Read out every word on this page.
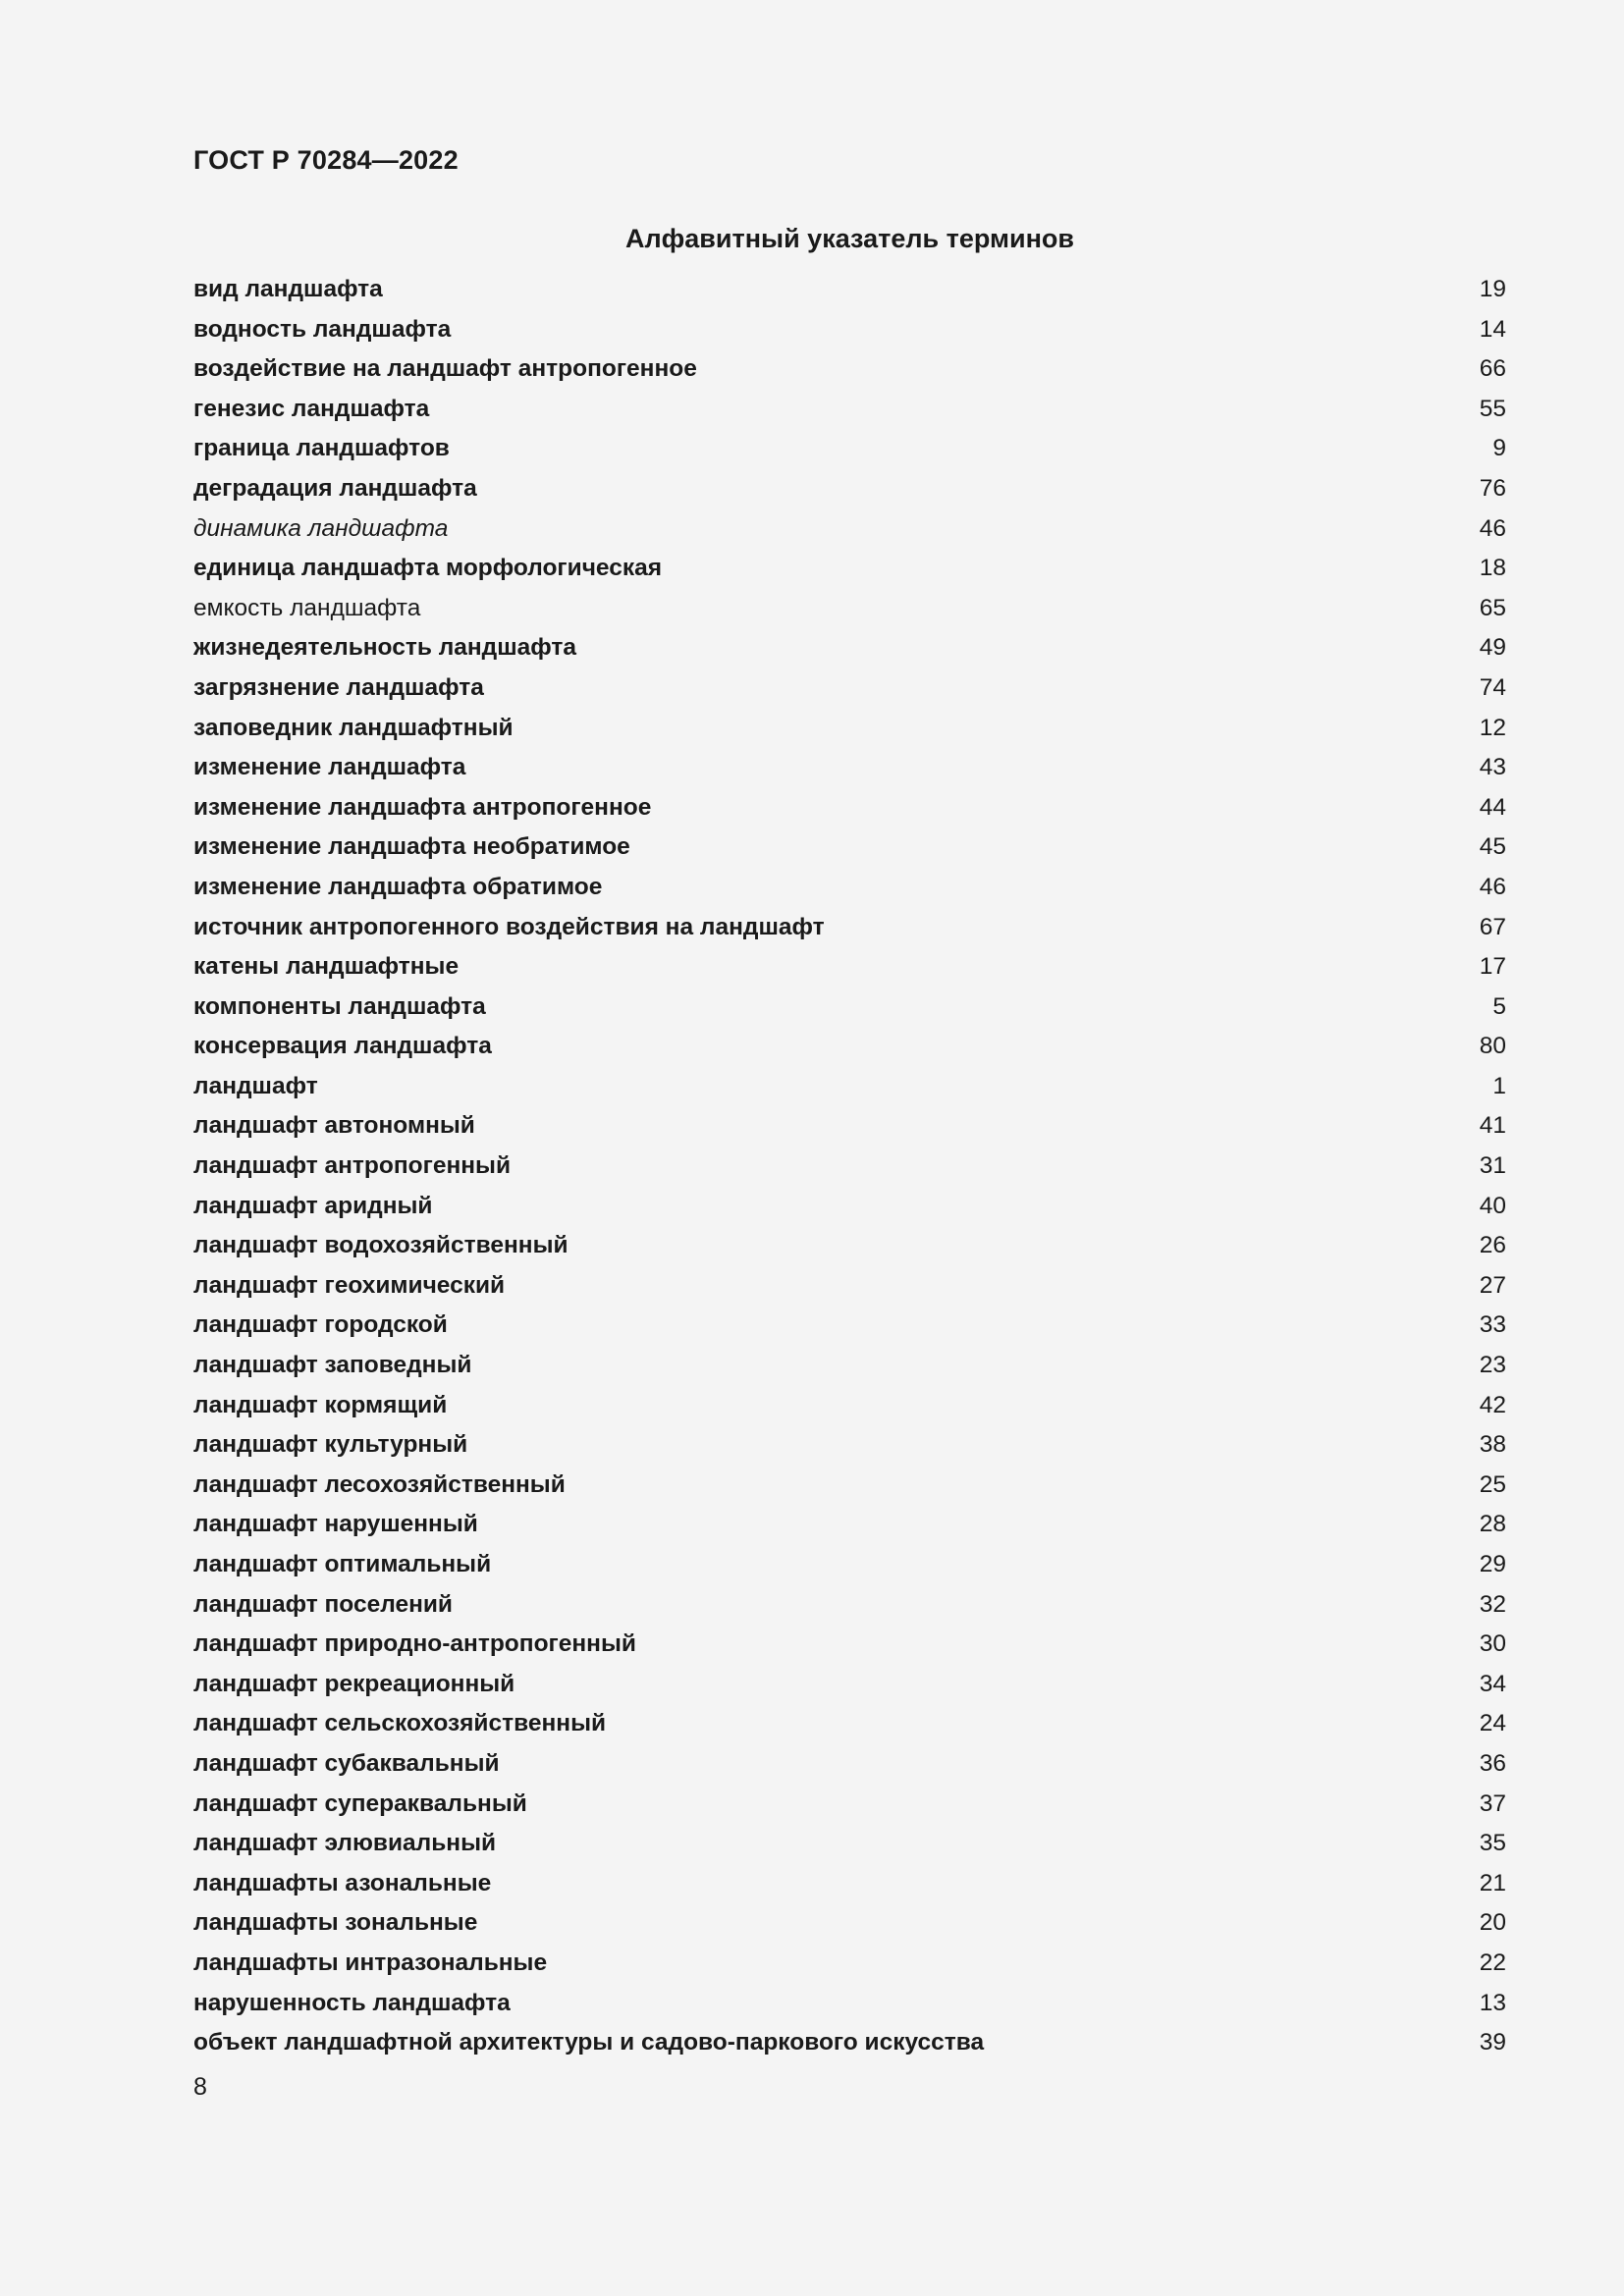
ГОСТ Р 70284—2022
Алфавитный указатель терминов
вид ландшафта	19
водность ландшафта	14
воздействие на ландшафт антропогенное	66
генезис ландшафта	55
граница ландшафтов	9
деградация ландшафта	76
динамика ландшафта	46
единица ландшафта морфологическая	18
емкость ландшафта	65
жизнедеятельность ландшафта	49
загрязнение ландшафта	74
заповедник ландшафтный	12
изменение ландшафта	43
изменение ландшафта антропогенное	44
изменение ландшафта необратимое	45
изменение ландшафта обратимое	46
источник антропогенного воздействия на ландшафт	67
катены ландшафтные	17
компоненты ландшафта	5
консервация ландшафта	80
ландшафт	1
ландшафт автономный	41
ландшафт антропогенный	31
ландшафт аридный	40
ландшафт водохозяйственный	26
ландшафт геохимический	27
ландшафт городской	33
ландшафт заповедный	23
ландшафт кормящий	42
ландшафт культурный	38
ландшафт лесохозяйственный	25
ландшафт нарушенный	28
ландшафт оптимальный	29
ландшафт поселений	32
ландшафт природно-антропогенный	30
ландшафт рекреационный	34
ландшафт сельскохозяйственный	24
ландшафт субаквальный	36
ландшафт супераквальный	37
ландшафт элювиальный	35
ландшафты азональные	21
ландшафты зональные	20
ландшафты интразональные	22
нарушенность ландшафта	13
объект ландшафтной архитектуры и садово-паркового искусства	39
8
